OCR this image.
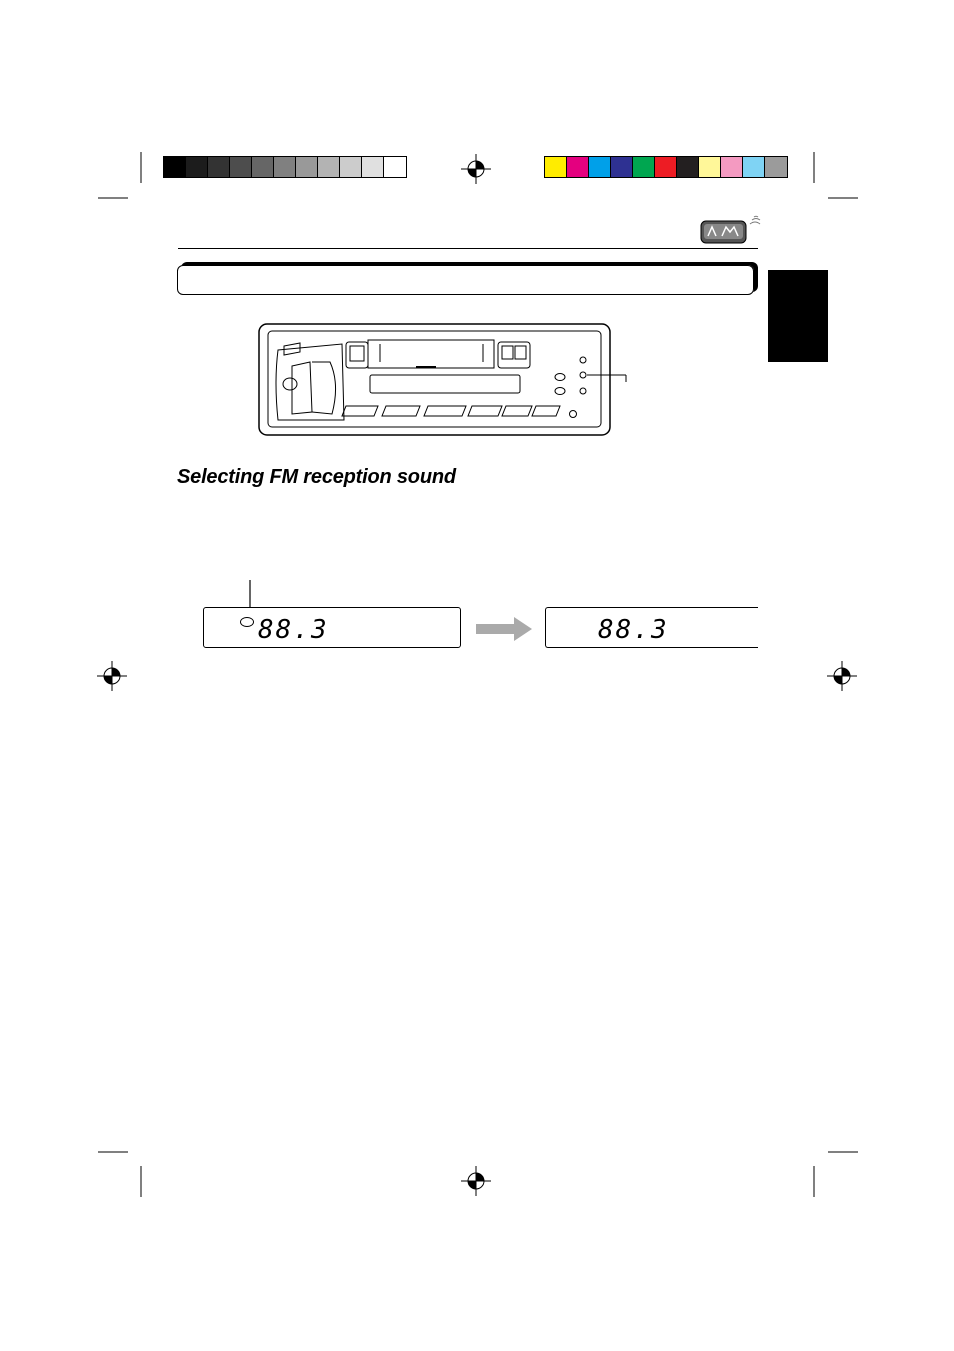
Selecting FM reception sound
88.3	88.3
